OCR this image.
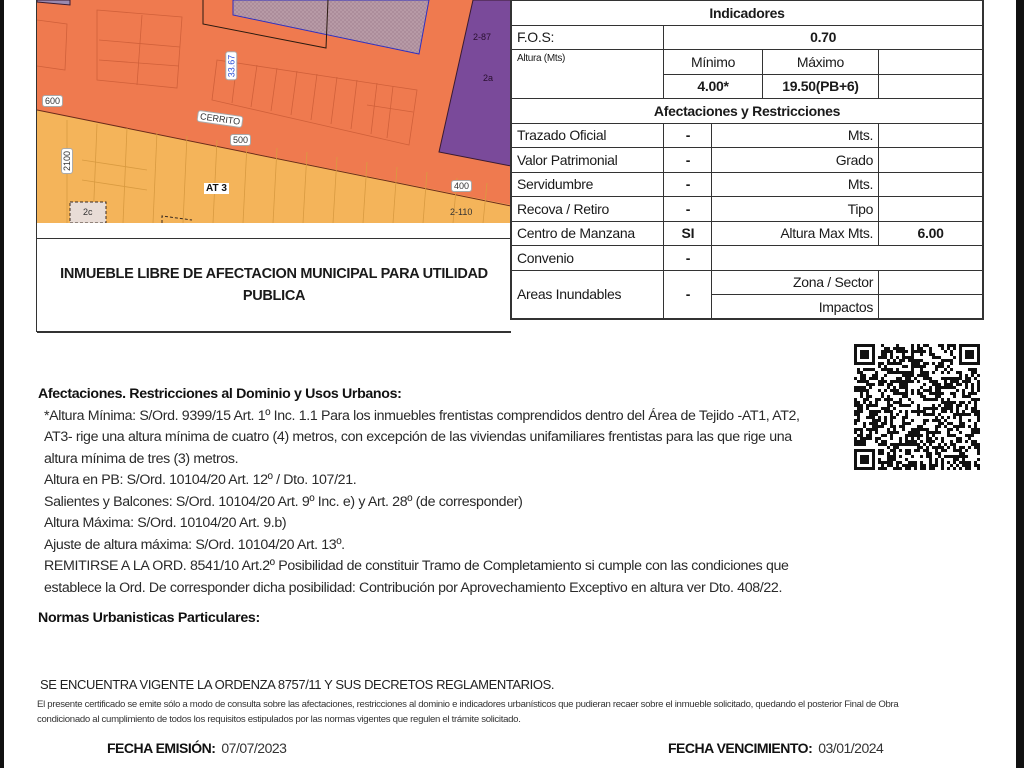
600
CERRITO
500
400
2100
33.67
AT 3
2-87
2a
2-110
2c
INMUEBLE LIBRE DE AFECTACION MUNICIPAL PARA UTILIDAD PUBLICA
Indicadores				
F.O.S:	0.70			
Altura (Mts)	Mínimo		Máximo	
	4.00*		19.50(PB+6)	
Afectaciones y Restricciones				
Trazado Oficial	-	Mts.		
Valor Patrimonial	-	Grado		
Servidumbre	-	Mts.		
Recova / Retiro	-	Tipo		
Centro de Manzana	SI	Altura Max Mts.		6.00
Convenio	-			
Areas Inundables	-	Zona / Sector		
		Impactos		
Afectaciones. Restricciones al Dominio y Usos Urbanos:
*Altura Mínima: S/Ord. 9399/15 Art. 1º Inc. 1.1 Para los inmuebles frentistas comprendidos dentro del Área de Tejido -AT1, AT2,
AT3- rige una altura mínima de cuatro (4) metros, con excepción de las viviendas unifamiliares frentistas para las que rige una
altura mínima de tres (3) metros.
Altura en PB: S/Ord. 10104/20 Art. 12º / Dto. 107/21.
Salientes y Balcones: S/Ord. 10104/20 Art. 9º Inc. e) y Art. 28º (de corresponder)
Altura Máxima: S/Ord. 10104/20 Art. 9.b)
Ajuste de altura máxima: S/Ord. 10104/20 Art. 13º.
REMITIRSE A LA ORD. 8541/10 Art.2º Posibilidad de constituir Tramo de Completamiento si cumple con las condiciones que
establece la Ord. De corresponder dicha posibilidad: Contribución por Aprovechamiento Exceptivo en altura ver Dto. 408/22.
Normas Urbanisticas Particulares:
SE ENCUENTRA VIGENTE LA ORDENZA 8757/11 Y SUS DECRETOS REGLAMENTARIOS.
El presente certificado se emite sólo a modo de consulta sobre las afectaciones, restricciones al dominio e indicadores urbanísticos que pudieran recaer sobre el inmueble solicitado, quedando el posterior Final de Obra
condicionado al cumplimiento de todos los requisitos estipulados por las normas vigentes que regulen el trámite solicitado.
FECHA EMISIÓN: 07/07/2023	FECHA VENCIMIENTO: 03/01/2024
